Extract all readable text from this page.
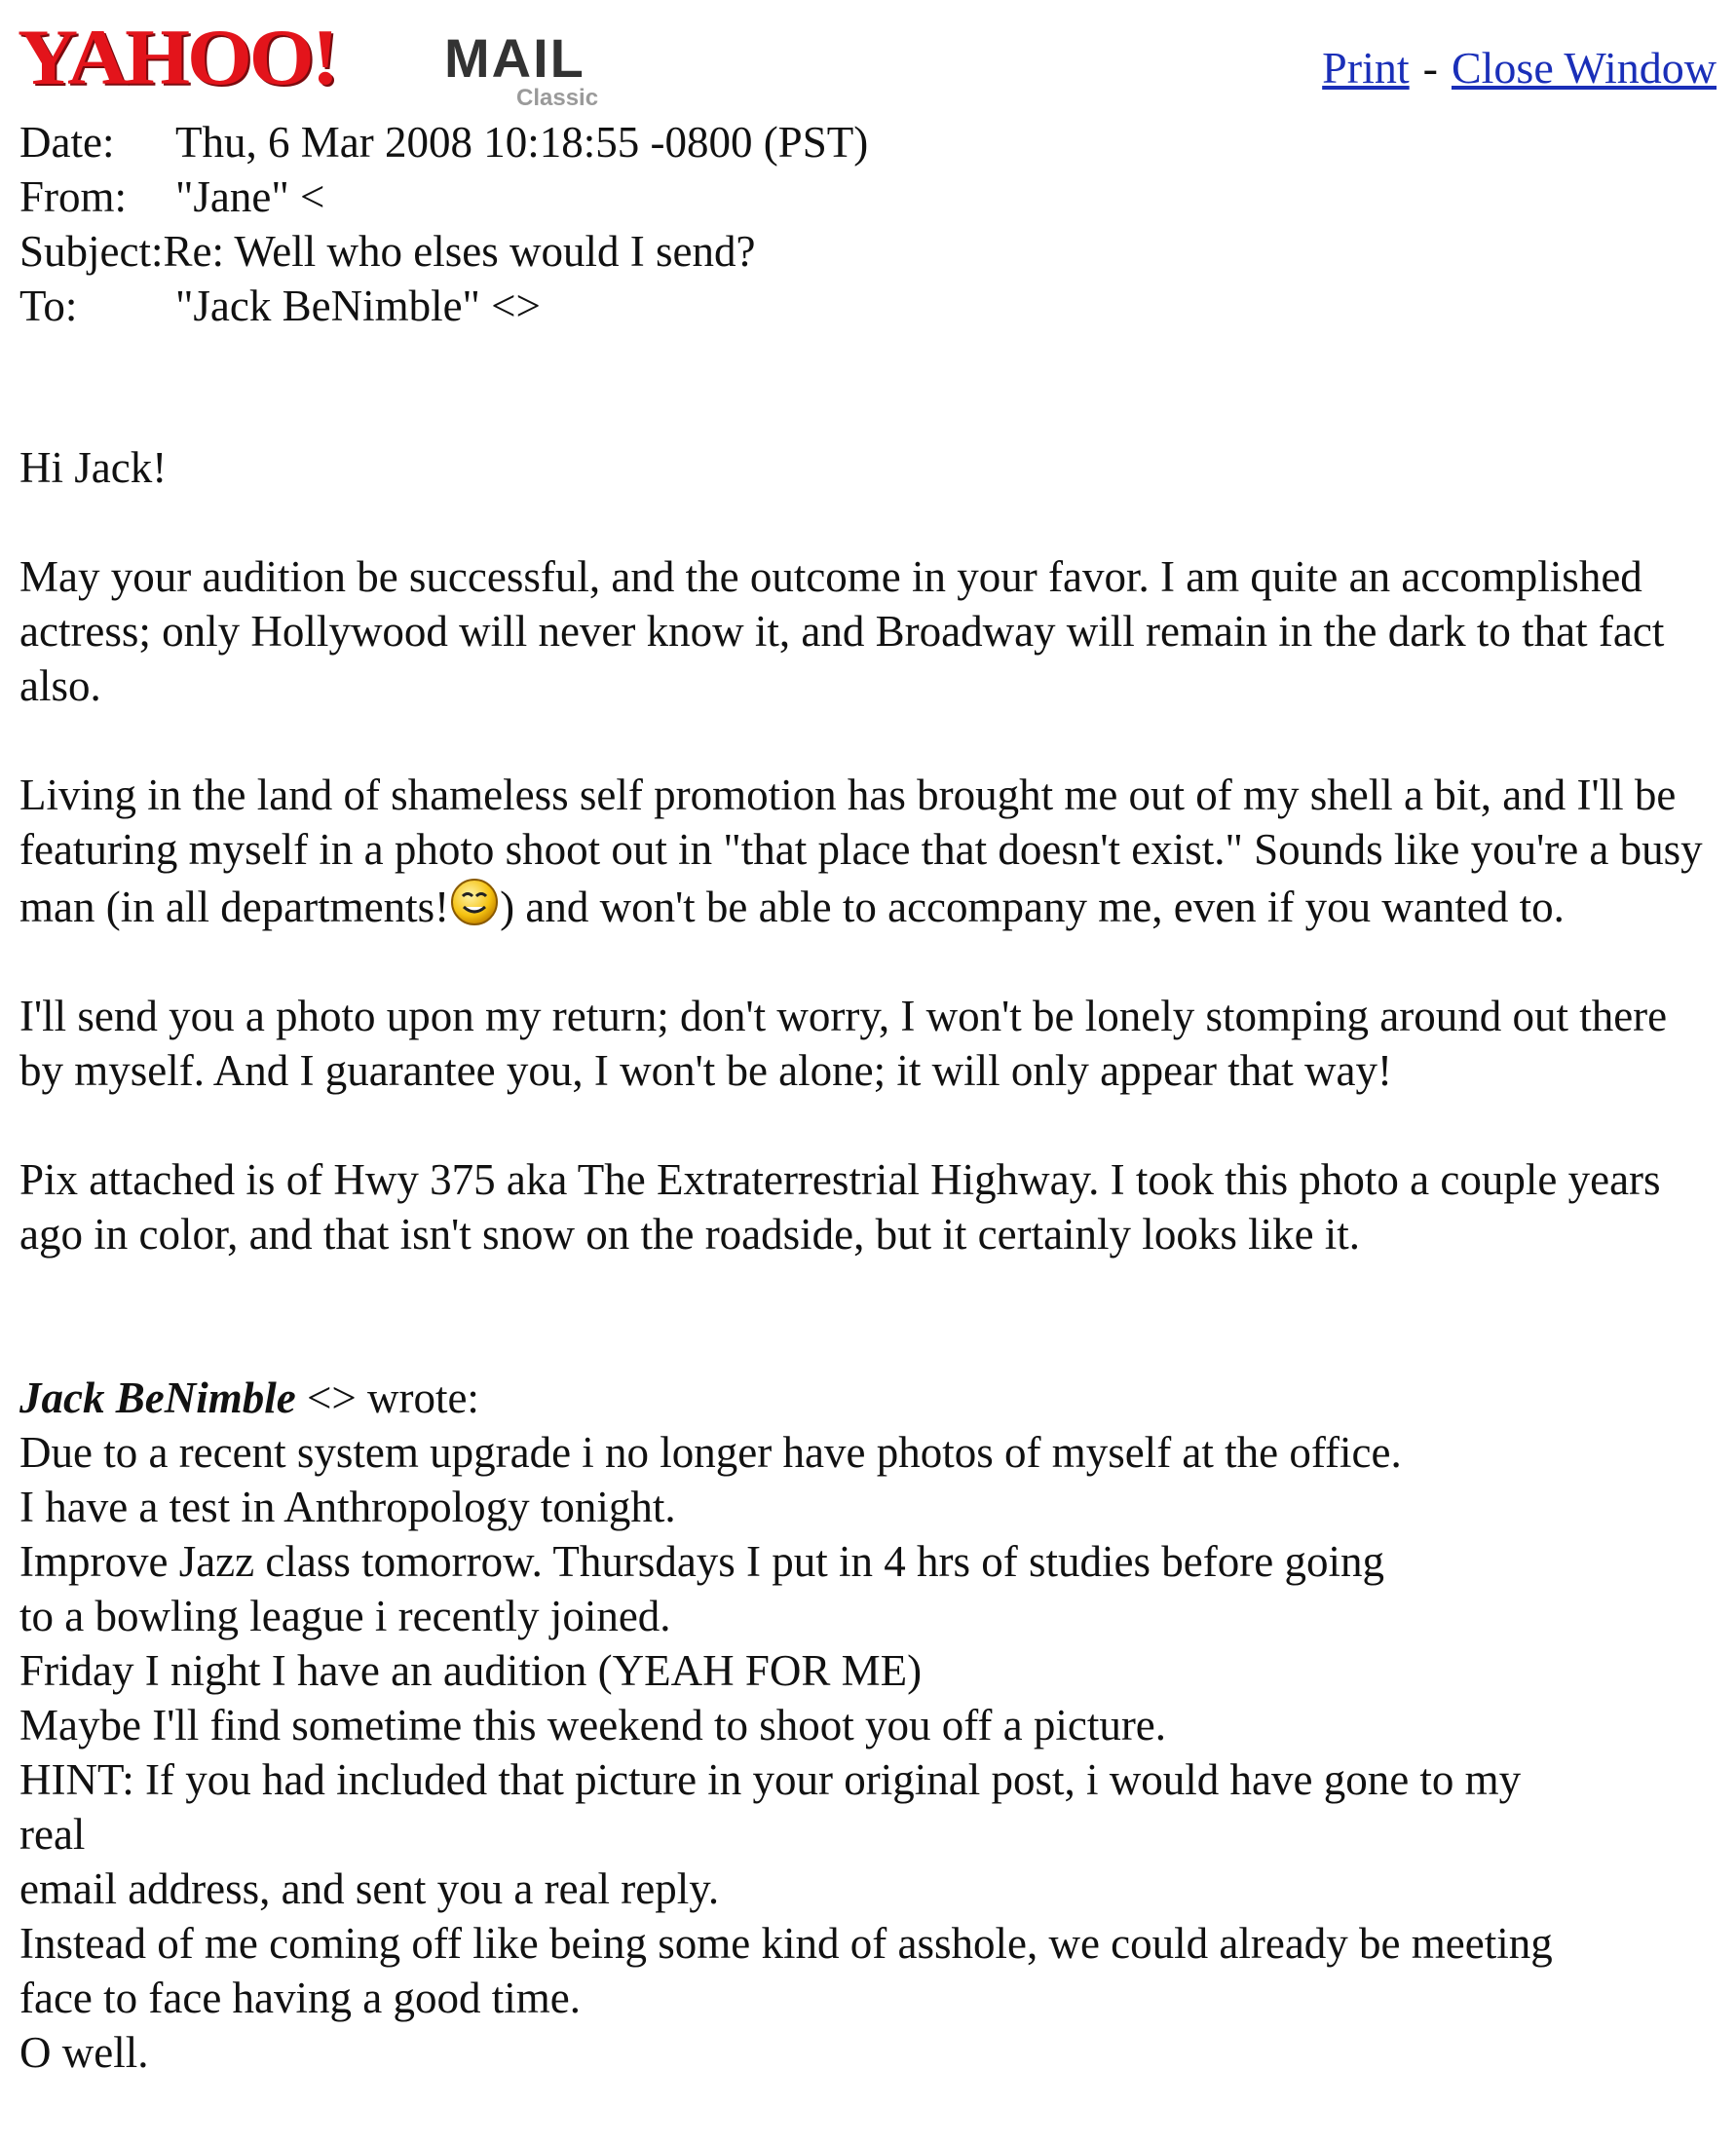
YAHOO! MAIL
Classic
Print - Close Window
Date:	Thu, 6 Mar 2008 10:18:55 -0800 (PST)
From:	"Jane" <
Subject: Re: Well who elses would I send?
To:	"Jack BeNimble" <>

Hi Jack!

May your audition be successful, and the outcome in your favor. I am quite an accomplished actress; only Hollywood will never know it, and Broadway will remain in the dark to that fact also.

Living in the land of shameless self promotion has brought me out of my shell a bit, and I'll be featuring myself in a photo shoot out in "that place that doesn't exist." Sounds like you're a busy man (in all departments! ) and won't be able to accompany me, even if you wanted to.

I'll send you a photo upon my return; don't worry, I won't be lonely stomping around out there by myself. And I guarantee you, I won't be alone; it will only appear that way!

Pix attached is of Hwy 375 aka The Extraterrestrial Highway. I took this photo a couple years ago in color, and that isn't snow on the roadside, but it certainly looks like it.

Jack BeNimble <> wrote:
Due to a recent system upgrade i no longer have photos of myself at the office.
I have a test in Anthropology tonight.
Improve Jazz class tomorrow. Thursdays I put in 4 hrs of studies before going
to a bowling league i recently joined.
Friday I night I have an audition (YEAH FOR ME)
Maybe I'll find sometime this weekend to shoot you off a picture.
HINT: If you had included that picture in your original post, i would have gone to my
real
email address, and sent you a real reply.
Instead of me coming off like being some kind of asshole, we could already be meeting
face to face having a good time.
O well.
